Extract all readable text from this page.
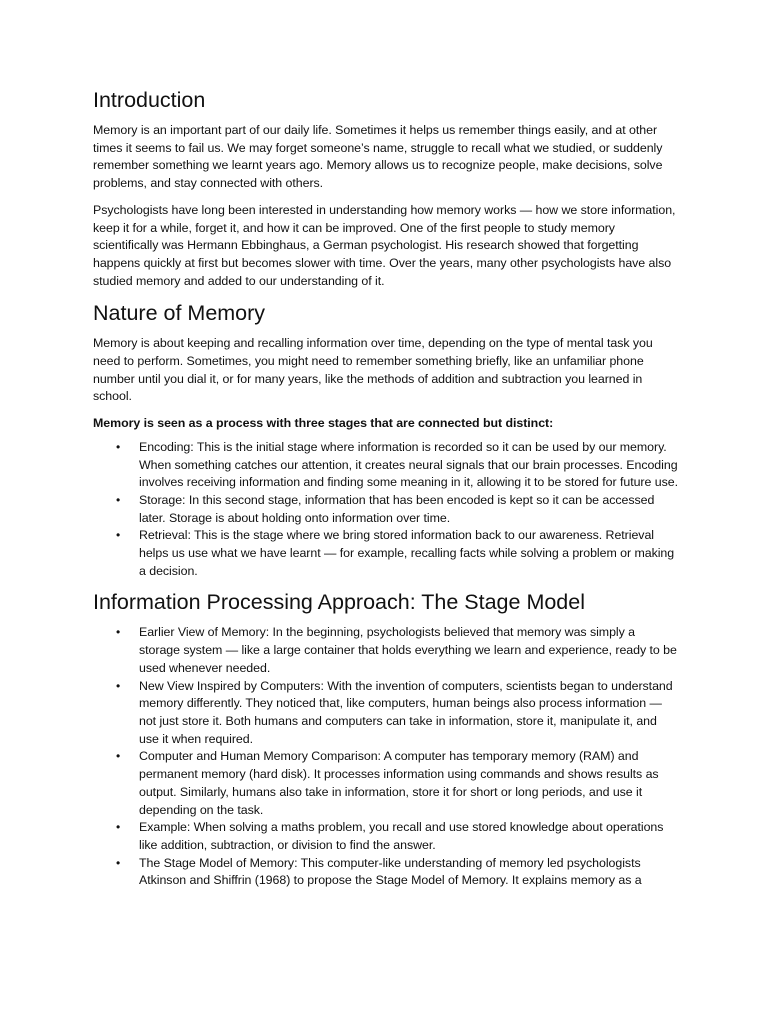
Introduction

Memory is an important part of our daily life. Sometimes it helps us remember things easily, and at other times it seems to fail us. We may forget someone’s name, struggle to recall what we studied, or suddenly remember something we learnt years ago. Memory allows us to recognize people, make decisions, solve problems, and stay connected with others.

Psychologists have long been interested in understanding how memory works — how we store information, keep it for a while, forget it, and how it can be improved. One of the first people to study memory scientifically was Hermann Ebbinghaus, a German psychologist. His research showed that forgetting happens quickly at first but becomes slower with time. Over the years, many other psychologists have also studied memory and added to our understanding of it.

Nature of Memory

Memory is about keeping and recalling information over time, depending on the type of mental task you need to perform. Sometimes, you might need to remember something briefly, like an unfamiliar phone number until you dial it, or for many years, like the methods of addition and subtraction you learned in school.

Memory is seen as a process with three stages that are connected but distinct:

• Encoding: This is the initial stage where information is recorded so it can be used by our memory. When something catches our attention, it creates neural signals that our brain processes. Encoding involves receiving information and finding some meaning in it, allowing it to be stored for future use.
• Storage: In this second stage, information that has been encoded is kept so it can be accessed later. Storage is about holding onto information over time.
• Retrieval: This is the stage where we bring stored information back to our awareness. Retrieval helps us use what we have learnt — for example, recalling facts while solving a problem or making a decision.
Information Processing Approach: The Stage Model
• Earlier View of Memory: In the beginning, psychologists believed that memory was simply a storage system — like a large container that holds everything we learn and experience, ready to be used whenever needed.
• New View Inspired by Computers: With the invention of computers, scientists began to understand memory differently. They noticed that, like computers, human beings also process information — not just store it. Both humans and computers can take in information, store it, manipulate it, and use it when required.
• Computer and Human Memory Comparison: A computer has temporary memory (RAM) and permanent memory (hard disk). It processes information using commands and shows results as output. Similarly, humans also take in information, store it for short or long periods, and use it depending on the task.
• Example: When solving a maths problem, you recall and use stored knowledge about operations like addition, subtraction, or division to find the answer.
• The Stage Model of Memory: This computer-like understanding of memory led psychologists Atkinson and Shiffrin (1968) to propose the Stage Model of Memory. It explains memory as a
